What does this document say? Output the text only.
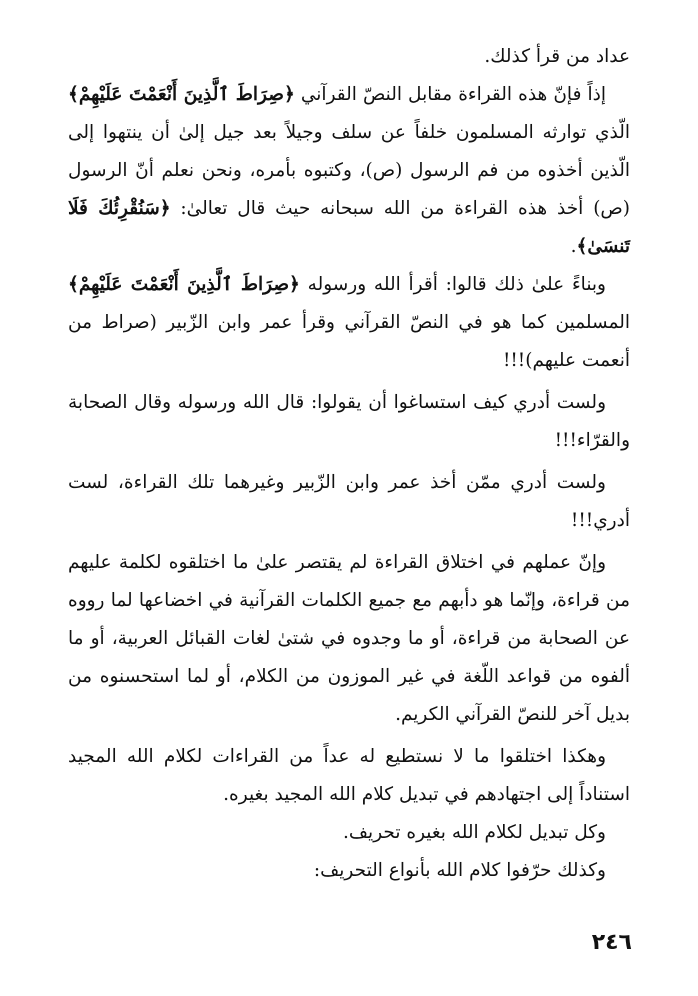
عداد من قرأ كذلك.

إذاً فإنّ هذه القراءة مقابل النصّ القرآني ﴿صِرَاطَ ٱلَّذِينَ أَنْعَمْتَ عَلَيْهِمْ﴾ الّذي توارثه المسلمون خلفاً عن سلف وجيلاً بعد جيل إلىٰ أن ينتهوا إلى الّذين أخذوه من فم الرسول (ص)، وكتبوه بأمره، ونحن نعلم أنّ الرسول (ص) أخذ هذه القراءة من الله سبحانه حيث قال تعالىٰ: ﴿سَنُقْرِئُكَ فَلَا تَنسَىٰ﴾.

وبناءً علىٰ ذلك قالوا: أقرأ الله ورسوله ﴿صِرَاطَ ٱلَّذِينَ أَنْعَمْتَ عَلَيْهِمْ﴾ المسلمين كما هو في النصّ القرآني وقرأ عمر وابن الزّبير (صراط من أنعمت عليهم)!!!

ولست أدري كيف استساغوا أن يقولوا: قال الله ورسوله وقال الصحابة والقرّاء!!!

ولست أدري ممّن أخذ عمر وابن الزّبير وغيرهما تلك القراءة، لست أدري!!!

وإنّ عملهم في اختلاق القراءة لم يقتصر علىٰ ما اختلقوه لكلمة عليهم من قراءة، وإنّما هو دأبهم مع جميع الكلمات القرآنية في اخضاعها لما رووه عن الصحابة من قراءة، أو ما وجدوه في شتىٰ لغات القبائل العربية، أو ما ألفوه من قواعد اللّغة في غير الموزون من الكلام، أو لما استحسنوه من بديل آخر للنصّ القرآني الكريم.

وهكذا اختلقوا ما لا نستطيع له عداً من القراءات لكلام الله المجيد استناداً إلى اجتهادهم في تبديل كلام الله المجيد بغيره.

وكل تبديل لكلام الله بغيره تحريف.

وكذلك حرّفوا كلام الله بأنواع التحريف:

٢٤٦
